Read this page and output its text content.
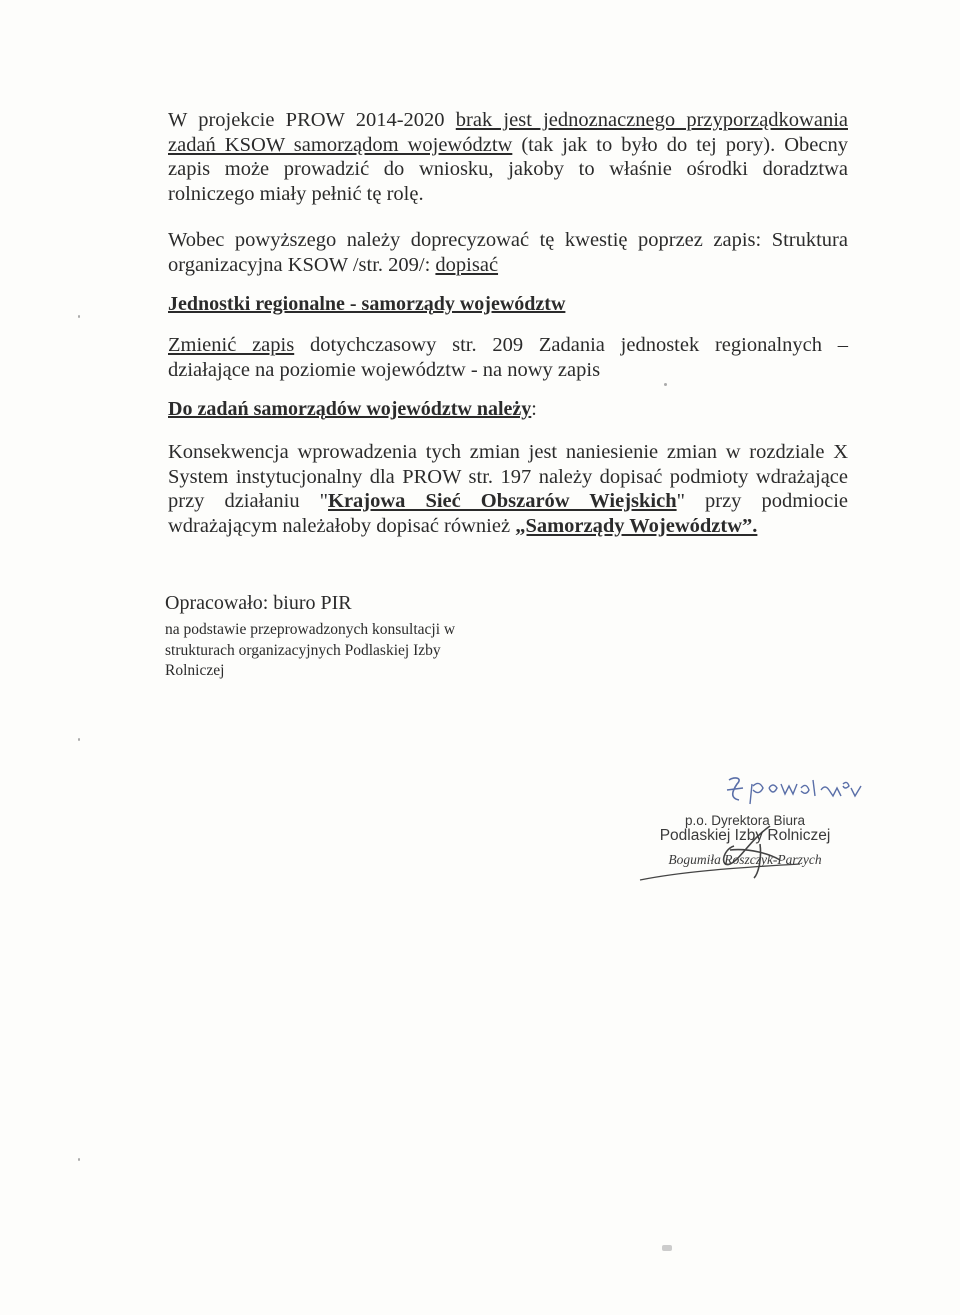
W projekcie PROW 2014-2020 brak jest jednoznacznego przyporządkowania zadań KSOW samorządom województw (tak jak to było do tej pory). Obecny zapis może prowadzić do wniosku, jakoby to właśnie ośrodki doradztwa rolniczego miały pełnić tę rolę.

Wobec powyższego należy doprecyzować tę kwestię poprzez zapis: Struktura organizacyjna KSOW /str. 209/: dopisać

Jednostki regionalne - samorządy województw

Zmienić zapis dotychczasowy str. 209 Zadania jednostek regionalnych – działające na poziomie województw - na nowy zapis

Do zadań samorządów województw należy:

Konsekwencja wprowadzenia tych zmian jest naniesienie zmian w rozdziale X System instytucjonalny dla PROW str. 197 należy dopisać podmioty wdrażające przy działaniu "Krajowa Sieć Obszarów Wiejskich" przy podmiocie wdrażającym należałoby dopisać również „Samorządy Województw”.

Opracowało: biuro PIR

na podstawie przeprowadzonych konsultacji w strukturach organizacyjnych Podlaskiej Izby Rolniczej

p.o. Dyrektora Biura

Podlaskiej Izby Rolniczej

Bogumiła Roszczyk-Parzych
